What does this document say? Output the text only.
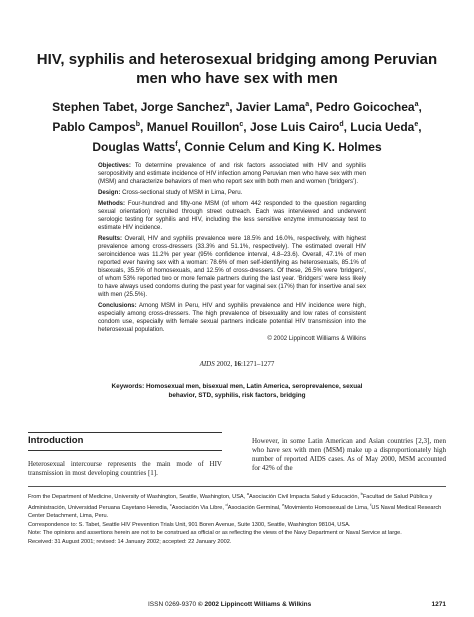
HIV, syphilis and heterosexual bridging among Peruvian men who have sex with men
Stephen Tabet, Jorge Sanchez$^a$, Javier Lama$^a$, Pedro Goicochea$^a$,
Pablo Campos$^b$, Manuel Rouillon$^c$, Jose Luis Cairo$^d$, Lucia Ueda$^e$,
Douglas Watts$^f$, Connie Celum and King K. Holmes

Objectives: To determine prevalence of and risk factors associated with HIV and syphilis seropositivity and estimate incidence of HIV infection among Peruvian men who have sex with men (MSM) and characterize behaviors of men who report sex with both men and women (‘bridgers’).

Design: Cross-sectional study of MSM in Lima, Peru.

Methods: Four-hundred and fifty-one MSM (of whom 442 responded to the question regarding sexual orientation) recruited through street outreach. Each was interviewed and underwent serologic testing for syphilis and HIV, including the less sensitive enzyme immunoassay test to estimate HIV incidence.

Results: Overall, HIV and syphilis prevalence were 18.5% and 16.0%, respectively, with highest prevalence among cross-dressers (33.3% and 51.1%, respectively). The estimated overall HIV seroincidence was 11.2% per year (95% confidence interval, 4.8–23.6). Overall, 47.1% of men reported ever having sex with a woman: 78.6% of men self-identifying as heterosexuals, 85.1% of bisexuals, 35.5% of homosexuals, and 12.5% of cross-dressers. Of these, 26.5% were ‘bridgers’, of whom 53% reported two or more female partners during the last year. ‘Bridgers’ were less likely to have always used condoms during the past year for vaginal sex (17%) than for insertive anal sex with men (25.5%).

Conclusions: Among MSM in Peru, HIV and syphilis prevalence and HIV incidence were high, especially among cross-dressers. The high prevalence of bisexuality and low rates of consistent condom use, especially with female sexual partners indicate potential HIV transmission into the heterosexual population.

© 2002 Lippincott Williams & Wilkins

AIDS 2002, 16:1271–1277
Keywords: Homosexual men, bisexual men, Latin America, seroprevalence, sexual behavior, STD, syphilis, risk factors, bridging
Introduction
Heterosexual intercourse represents the main mode of HIV transmission in most developing countries [1].
However, in some Latin American and Asian countries [2,3], men who have sex with men (MSM) make up a disproportionately high number of reported AIDS cases. As of May 2000, MSM accounted for 42% of the

From the Department of Medicine, University of Washington, Seattle, Washington, USA, $^a$Asociación Civil Impacta Salud y Educación, $^b$Facultad de Salud Pública y Administración, Universidad Peruana Cayetano Heredia, $^c$Asociación Via Libre, $^d$Asociación Germinal, $^e$Movimiento Homosexual de Lima, $^f$US Naval Medical Research Center Detachment, Lima, Peru.

Correspondence to: S. Tabet, Seattle HIV Prevention Trials Unit, 901 Boren Avenue, Suite 1300, Seattle, Washington 98104, USA.

Note: The opinions and assertions herein are not to be construed as official or as reflecting the views of the Navy Department or Naval Service at large.

Received: 31 August 2001; revised: 14 January 2002; accepted: 22 January 2002.

ISSN 0269-9370 © 2002 Lippincott Williams & Wilkins	1271
